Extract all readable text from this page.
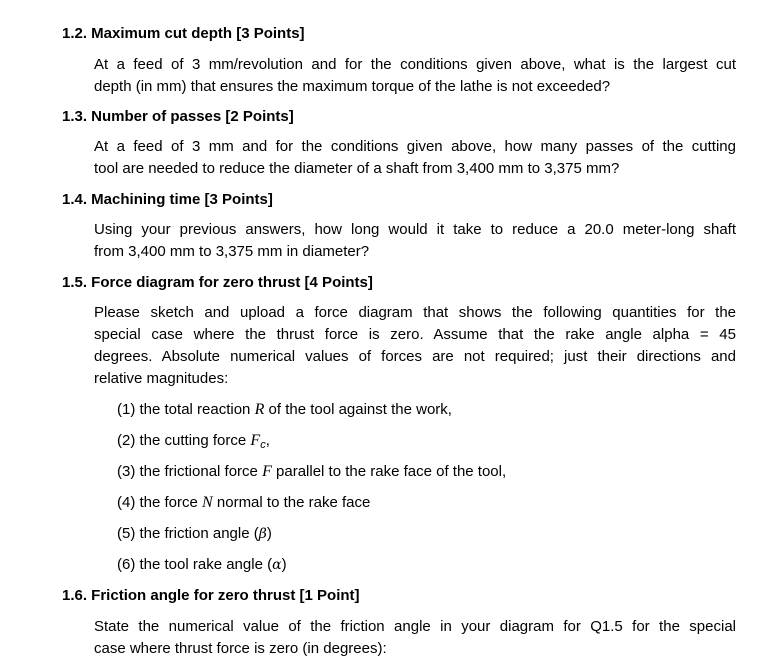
1.2. Maximum cut depth [3 Points]
At a feed of 3 mm/revolution and for the conditions given above, what is the largest cut
depth (in mm) that ensures the maximum torque of the lathe is not exceeded?
1.3. Number of passes [2 Points]
At a feed of 3 mm and for the conditions given above, how many passes of the cutting
tool are needed to reduce the diameter of a shaft from 3,400 mm to 3,375 mm?
1.4. Machining time [3 Points]
Using your previous answers, how long would it take to reduce a 20.0 meter-long shaft
from 3,400 mm to 3,375 mm in diameter?
1.5. Force diagram for zero thrust [4 Points]
Please sketch and upload a force diagram that shows the following quantities for the
special case where the thrust force is zero. Assume that the rake angle alpha = 45
degrees. Absolute numerical values of forces are not required; just their directions and
relative magnitudes:
(1) the total reaction R of the tool against the work,
(2) the cutting force $F_c$,
(3) the frictional force F parallel to the rake face of the tool,
(4) the force N normal to the rake face
(5) the friction angle (β)
(6) the tool rake angle (α)
1.6. Friction angle for zero thrust [1 Point]
State the numerical value of the friction angle in your diagram for Q1.5 for the special
case where thrust force is zero (in degrees):
